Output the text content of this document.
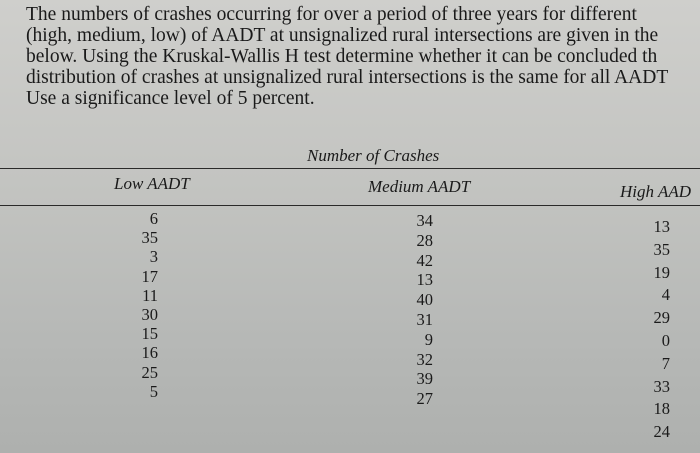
The numbers of crashes occurring for over a period of three years for different
(high, medium, low) of AADT at unsignalized rural intersections are given in the
below. Using the Kruskal-Wallis H test determine whether it can be concluded th
distribution of crashes at unsignalized rural intersections is the same for all AADT
Use a significance level of 5 percent.
Number of Crashes
Low AADT	Medium AADT	High AAD
6
35
3
17
11
30
15
16
25
5
34
28
42
13
40
31
9
32
39
27
13
35
19
4
29
0
7
33
18
24
